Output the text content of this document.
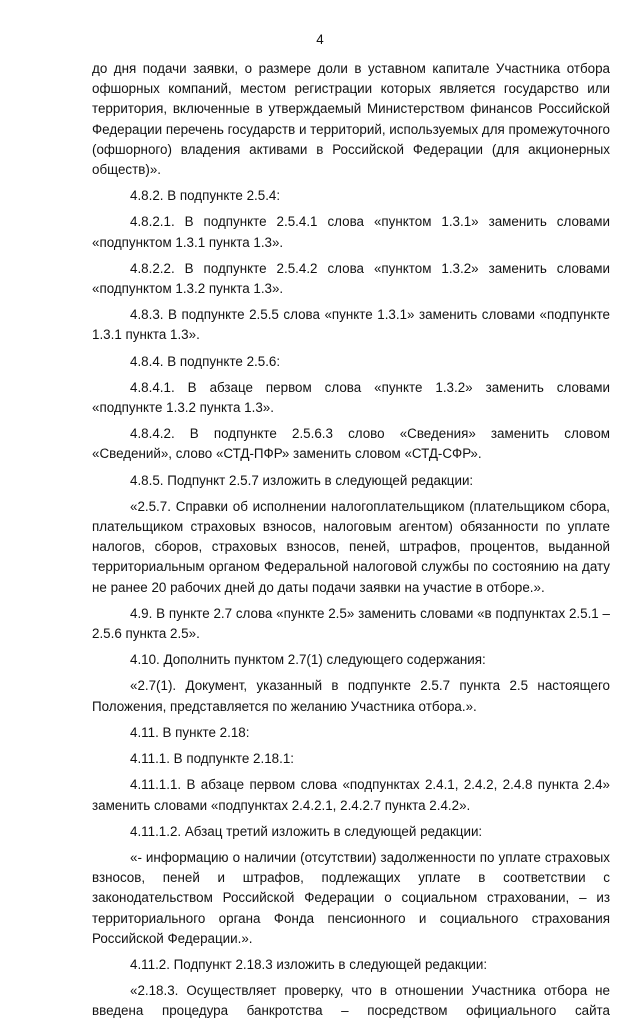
4

до дня подачи заявки, о размере доли в уставном капитале Участника отбора офшорных компаний, местом регистрации которых является государство или территория, включенные в утверждаемый Министерством финансов Российской Федерации перечень государств и территорий, используемых для промежуточного (офшорного) владения активами в Российской Федерации (для акционерных обществ)».

4.8.2. В подпункте 2.5.4:

4.8.2.1. В подпункте 2.5.4.1 слова «пунктом 1.3.1» заменить словами «подпунктом 1.3.1 пункта 1.3».

4.8.2.2. В подпункте 2.5.4.2 слова «пунктом 1.3.2» заменить словами «подпунктом 1.3.2 пункта 1.3».

4.8.3. В подпункте 2.5.5 слова «пункте 1.3.1» заменить словами «подпункте 1.3.1 пункта 1.3».

4.8.4. В подпункте 2.5.6:

4.8.4.1. В абзаце первом слова «пункте 1.3.2» заменить словами «подпункте 1.3.2 пункта 1.3».

4.8.4.2. В подпункте 2.5.6.3 слово «Сведения» заменить словом «Сведений», слово «СТД-ПФР» заменить словом «СТД-СФР».

4.8.5. Подпункт 2.5.7 изложить в следующей редакции:

«2.5.7. Справки об исполнении налогоплательщиком (плательщиком сбора, плательщиком страховых взносов, налоговым агентом) обязанности по уплате налогов, сборов, страховых взносов, пеней, штрафов, процентов, выданной территориальным органом Федеральной налоговой службы по состоянию на дату не ранее 20 рабочих дней до даты подачи заявки на участие в отборе.».

4.9. В пункте 2.7 слова «пункте 2.5» заменить словами «в подпунктах 2.5.1 – 2.5.6 пункта 2.5».

4.10. Дополнить пунктом 2.7(1) следующего содержания:

«2.7(1). Документ, указанный в подпункте 2.5.7 пункта 2.5 настоящего Положения, представляется по желанию Участника отбора.».

4.11. В пункте 2.18:

4.11.1. В подпункте 2.18.1:

4.11.1.1. В абзаце первом слова «подпунктах 2.4.1, 2.4.2, 2.4.8 пункта 2.4» заменить словами «подпунктах 2.4.2.1, 2.4.2.7 пункта 2.4.2».

4.11.1.2. Абзац третий изложить в следующей редакции:

«- информацию о наличии (отсутствии) задолженности по уплате страховых взносов, пеней и штрафов, подлежащих уплате в соответствии с законодательством Российской Федерации о социальном страховании, – из территориального органа Фонда пенсионного и социального страхования Российской Федерации.».

4.11.2. Подпункт 2.18.3 изложить в следующей редакции:

«2.18.3. Осуществляет проверку, что в отношении Участника отбора не введена процедура банкротства – посредством официального сайта
